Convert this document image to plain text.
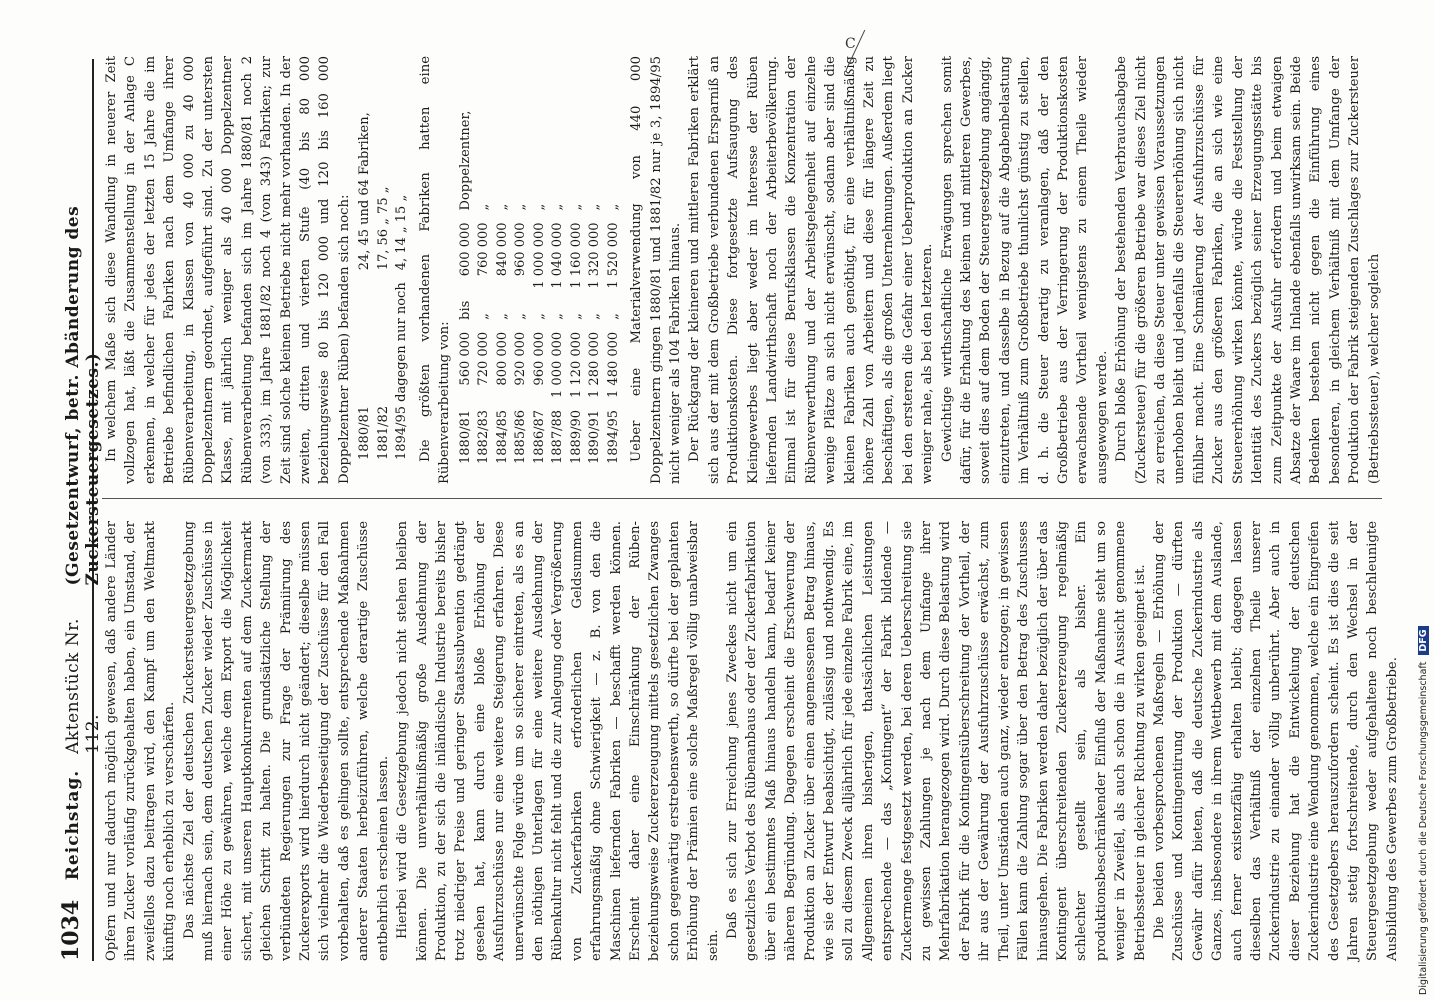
1034
Reichstag.
Aktenstück Nr. 112.
(Gesetzentwurf, betr. Abänderung des Zuckersteuergesetzes.)

Opfern und nur dadurch möglich gewesen, daß andere Länder ihren Zucker vorläufig zurückgehalten haben, ein Umstand, der zweifellos dazu beitragen wird, den Kampf um den Weltmarkt künftig noch erheblich zu verschärfen. Das nächste Ziel der deutschen Zuckersteuergesetzgebung muß hiernach sein, dem deutschen Zucker wieder Zuschüsse in einer Höhe zu gewähren, welche dem Export die Möglichkeit sichert, mit unseren Hauptkonkurrenten auf dem Zuckermarkt gleichen Schritt zu halten. Die grundsätzliche Stellung der verbündeten Regierungen zur Frage der Prämiirung des Zuckerexports wird hierdurch nicht geändert; dieselbe müssen sich vielmehr die Wiederbeseitigung der Zuschüsse für den Fall vorbehalten, daß es gelingen sollte, entsprechende Maßnahmen anderer Staaten herbeizuführen, welche derartige Zuschüsse entbehrlich erscheinen lassen. Hierbei wird die Gesetzgebung jedoch nicht stehen bleiben können. Die unverhältnißmäßig große Ausdehnung der Produktion, zu der sich die inländische Industrie bereits bisher trotz niedriger Preise und geringer Staatssubvention gedrängt gesehen hat, kann durch eine bloße Erhöhung der Ausfuhrzuschüsse nur eine weitere Steigerung erfahren. Diese unerwünschte Folge würde um so sicherer eintreten, als es an den nöthigen Unterlagen für eine weitere Ausdehnung der Rübenkultur nicht fehlt und die zur Anlegung oder Vergrößerung von Zuckerfabriken erforderlichen Geldsummen erfahrungsmäßig ohne Schwierigkeit — z. B. von den die Maschinen liefernden Fabriken — beschafft werden können. Erscheint daher eine Einschränkung der Rüben- beziehungsweise Zuckererzeugung mittels gesetzlichen Zwanges schon gegenwärtig erstrebenswerth, so dürfte bei der geplanten Erhöhung der Prämien eine solche Maßregel völlig unabweisbar sein.

Daß es sich zur Erreichung jenes Zweckes nicht um ein gesetzliches Verbot des Rübenanbaus oder der Zuckerfabrikation über ein bestimmtes Maß hinaus handeln kann, bedarf keiner näheren Begründung. Dagegen erscheint die Erschwerung der Produktion an Zucker über einen angemessenen Betrag hinaus, wie sie der Entwurf beabsichtigt, zulässig und nothwendig. Es soll zu diesem Zweck alljährlich für jede einzelne Fabrik eine, im Allgemeinen ihren bisherigen, thatsächlichen Leistungen entsprechende — das „Kontingent“ der Fabrik bildende — Zuckermenge festgesetzt werden, bei deren Ueberschreitung sie zu gewissen Zahlungen je nach dem Umfange ihrer Mehrfabrikation herangezogen wird. Durch diese Belastung wird der Fabrik für die Kontingentsüberschreitung der Vortheil, der ihr aus der Gewährung der Ausfuhrzuschüsse erwächst, zum Theil, unter Umständen auch ganz, wieder entzogen; in gewissen Fällen kann die Zahlung sogar über den Betrag des Zuschusses hinausgehen. Die Fabriken werden daher bezüglich der über das Kontingent überschreitenden Zuckererzeugung regelmäßig schlechter gestellt sein, als bisher. Ein produktionsbeschränkender Einfluß der Maßnahme steht um so weniger in Zweifel, als auch schon die in Aussicht genommene Betriebssteuer in gleicher Richtung zu wirken geeignet ist. Die beiden vorbesprochenen Maßregeln — Erhöhung der Zuschüsse und Kontingentirung der Produktion — dürften Gewähr dafür bieten, daß die deutsche Zuckerindustrie als Ganzes, insbesondere in ihrem Wettbewerb mit dem Auslande, auch ferner existenzfähig erhalten bleibt; dagegen lassen dieselben das Verhältniß der einzelnen Theile unserer Zuckerindustrie zu einander völlig unberührt. Aber auch in dieser Beziehung hat die Entwickelung der deutschen Zuckerindustrie eine Wendung genommen, welche ein Eingreifen des Gesetzgebers herauszufordern scheint. Es ist dies die seit Jahren stetig fortschreitende, durch den Wechsel in der Steuergesetzgebung weder aufgehaltene noch beschleunigte Ausbildung des Gewerbes zum Großbetriebe.

In welchem Maße sich diese Wandlung in neuerer Zeit vollzogen hat, läßt die Zusammenstellung in der Anlage C erkennen, in welcher für jedes der letzten 15 Jahre die im Betriebe befindlichen Fabriken nach dem Umfange ihrer Rübenverarbeitung, in Klassen von 40 000 zu 40 000 Doppelzentnern geordnet, aufgeführt sind. Zu der untersten Klasse, mit jährlich weniger als 40 000 Doppelzentner Rübenverarbeitung befanden sich im Jahre 1880/81 noch 2 (von 333), im Jahre 1881/82 noch 4 (von 343) Fabriken; zur Zeit sind solche kleinen Betriebe nicht mehr vorhanden. In der zweiten, dritten und vierten Stufe (40 bis 80 000 beziehungsweise 80 bis 120 000 und 120 bis 160 000 Doppelzentner Rüben) befanden sich noch: 1880/81	24, 45 und 64 Fabriken,
1881/82	17, 56 „ 75 „
1894/95 dagegen nur noch	4, 14 „ 15 „ Die größten vorhandenen Fabriken hatten eine Rübenverarbeitung von: 1880/81	560 000	bis	600 000	Doppelzentner,
1882/83	720 000	„	760 000	„
1884/85	800 000	„	840 000	„
1885/86	920 000	„	960 000	„
1886/87	960 000	„	1 000 000	„
1887/88	1 000 000	„	1 040 000	„
1889/90	1 120 000	„	1 160 000	„
1890/91	1 280 000	„	1 320 000	„
1894/95	1 480 000	„	1 520 000	„ Ueber eine Materialverwendung von 440 000 Doppelzentnern gingen 1880/81 und 1881/82 nur je 3, 1894/95 nicht weniger als 104 Fabriken hinaus. Der Rückgang der kleineren und mittleren Fabriken erklärt sich aus der mit dem Großbetriebe verbundenen Ersparniß an Produktionskosten. Diese fortgesetzte Aufsaugung des Kleingewerbes liegt aber weder im Interesse der Rüben liefernden Landwirthschaft noch der Arbeiterbevölkerung. Einmal ist für diese Berufsklassen die Konzentration der Rübenverwerthung und der Arbeitsgelegenheit auf einzelne wenige Plätze an sich nicht erwünscht, sodann aber sind die kleinen Fabriken auch genöthigt, für eine verhältnißmäßig höhere Zahl von Arbeitern und diese für längere Zeit zu beschäftigen, als die großen Unternehmungen. Außerdem liegt bei den ersteren die Gefahr einer Ueberproduktion an Zucker weniger nahe, als bei den letzteren. Gewichtige wirthschaftliche Erwägungen sprechen somit dafür, für die Erhaltung des kleinen und mittleren Gewerbes, soweit dies auf dem Boden der Steuergesetzgebung angängig, einzutreten, und dasselbe in Bezug auf die Abgabenbelastung im Verhältniß zum Großbetriebe thunlichst günstig zu stellen, d. h. die Steuer derartig zu veranlagen, daß der den Großbetriebe aus der Verringerung der Produktionskosten erwachsende Vortheil wenigstens zu einem Theile wieder ausgewogen werde. Durch bloße Erhöhung der bestehenden Verbrauchsabgabe (Zuckersteuer) für die größeren Betriebe war dieses Ziel nicht zu erreichen, da diese Steuer unter gewissen Voraussetzungen unerhoben bleibt und jedenfalls die Steuererhöhung sich nicht fühlbar macht. Eine Schmälerung der Ausfuhrzuschüsse für Zucker aus den größeren Fabriken, die an sich wie eine Steuererhöhung wirken könnte, würde die Feststellung der Identität des Zuckers bezüglich seiner Erzeugungsstätte bis zum Zeitpunkte der Ausfuhr erfordern und beim etwaigen Absatze der Waare im Inlande ebenfalls unwirksam sein. Beide Bedenken bestehen nicht gegen die Einführung eines besonderen, in gleichem Verhältniß mit dem Umfange der Produktion der Fabrik steigenden Zuschlages zur Zuckersteuer (Betriebssteuer), welcher sogleich

C
Digitalisierung gefördert durch die Deutsche Forschungsgemeinschaft DFG
